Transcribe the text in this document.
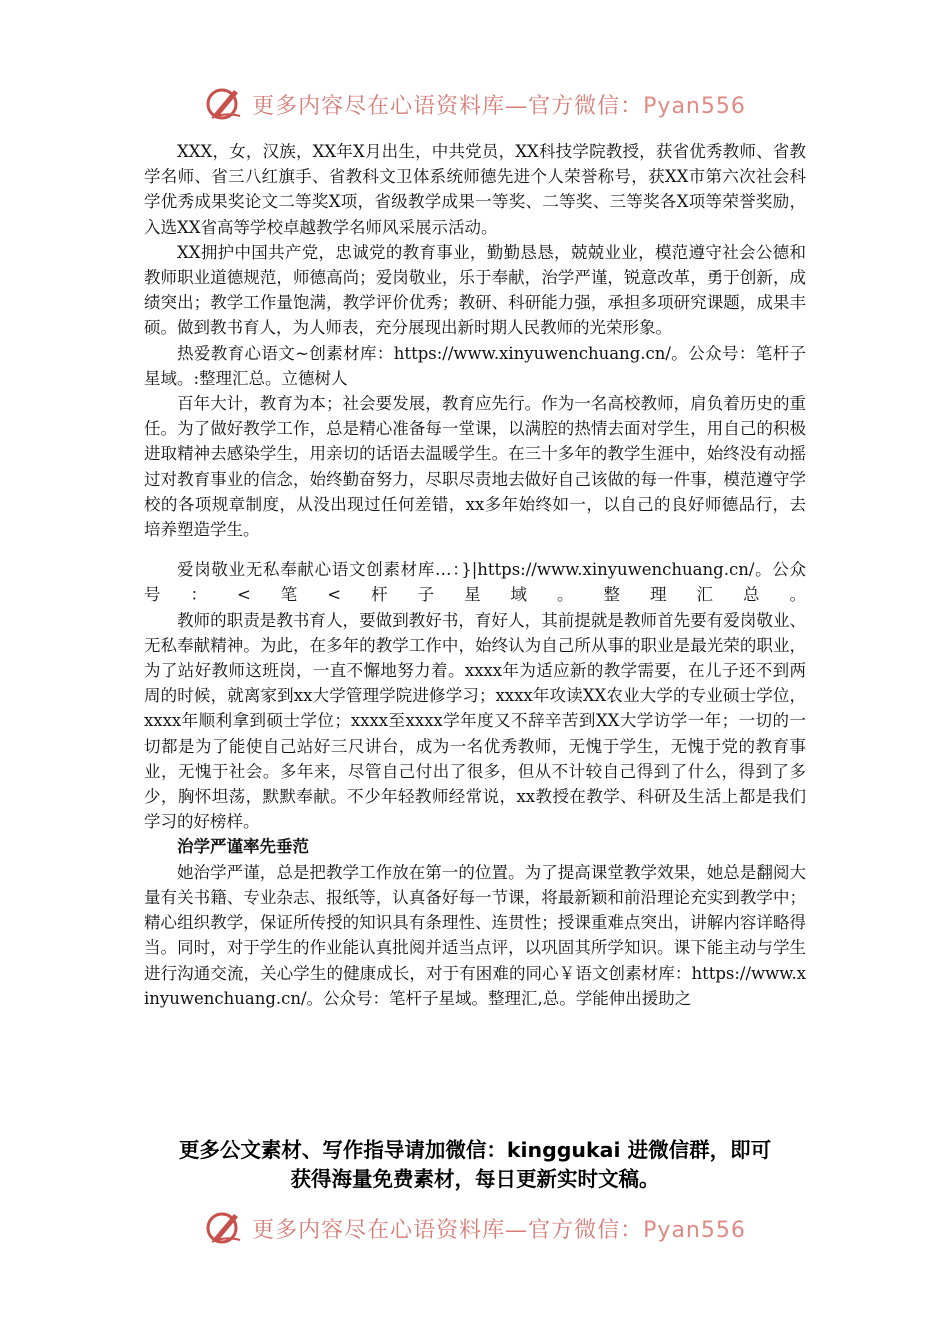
更多内容尽在心语资料库—官方微信：Pyan556

XXX，女，汉族，XX年X月出生，中共党员，XX科技学院教授，获省优秀教师、省教学名师、省三八红旗手、省教科文卫体系统师德先进个人荣誉称号，获XX市第六次社会科学优秀成果奖论文二等奖X项，省级教学成果一等奖、二等奖、三等奖各X项等荣誉奖励，入选XX省高等学校卓越教学名师风采展示活动。

XX拥护中国共产党，忠诚党的教育事业，勤勤恳恳，兢兢业业，模范遵守社会公德和教师职业道德规范，师德高尚；爱岗敬业，乐于奉献，治学严谨，锐意改革，勇于创新，成绩突出；教学工作量饱满，教学评价优秀；教研、科研能力强，承担多项研究课题，成果丰硕。做到教书育人，为人师表，充分展现出新时期人民教师的光荣形象。

热爱教育心语文~创素材库：https://www.xinyuwenchuang.cn/。公众号：笔杆子星域。:整理汇总。立德树人

百年大计，教育为本；社会要发展，教育应先行。作为一名高校教师，肩负着历史的重任。为了做好教学工作，总是精心准备每一堂课，以满腔的热情去面对学生，用自己的积极进取精神去感染学生，用亲切的话语去温暖学生。在三十多年的教学生涯中，始终没有动摇过对教育事业的信念，始终勤奋努力，尽职尽责地去做好自己该做的每一件事，模范遵守学校的各项规章制度，从没出现过任何差错，xx多年始终如一，以自己的良好师德品行，去培养塑造学生。

爱岗敬业无私奉献心语文创素材库…：}|https://www.xinyuwenchuang.cn/。公众号：<笔<杆子星域。整理汇总。

教师的职责是教书育人，要做到教好书，育好人，其前提就是教师首先要有爱岗敬业、无私奉献精神。为此，在多年的教学工作中，始终认为自己所从事的职业是最光荣的职业，为了站好教师这班岗，一直不懈地努力着。xxxx年为适应新的教学需要，在儿子还不到两周的时候，就离家到xx大学管理学院进修学习；xxxx年攻读XX农业大学的专业硕士学位，xxxx年顺利拿到硕士学位；xxxx至xxxx学年度又不辞辛苦到XX大学访学一年；一切的一切都是为了能使自己站好三尺讲台，成为一名优秀教师，无愧于学生，无愧于党的教育事业，无愧于社会。多年来，尽管自己付出了很多，但从不计较自己得到了什么，得到了多少，胸怀坦荡，默默奉献。不少年轻教师经常说，xx教授在教学、科研及生活上都是我们学习的好榜样。

治学严谨率先垂范

她治学严谨，总是把教学工作放在第一的位置。为了提高课堂教学效果，她总是翻阅大量有关书籍、专业杂志、报纸等，认真备好每一节课，将最新颖和前沿理论充实到教学中；精心组织教学，保证所传授的知识具有条理性、连贯性；授课重难点突出，讲解内容详略得当。同时，对于学生的作业能认真批阅并适当点评，以巩固其所学知识。课下能主动与学生进行沟通交流，关心学生的健康成长，对于有困难的同心￥语文创素材库：https://www.xinyuwenchuang.cn/。公众号：笔杆子星域。整理汇,总。学能伸出援助之

更多公文素材、写作指导请加微信：kinggukai 进微信群，即可
获得海量免费素材，每日更新实时文稿。
更多内容尽在心语资料库—官方微信：Pyan556
